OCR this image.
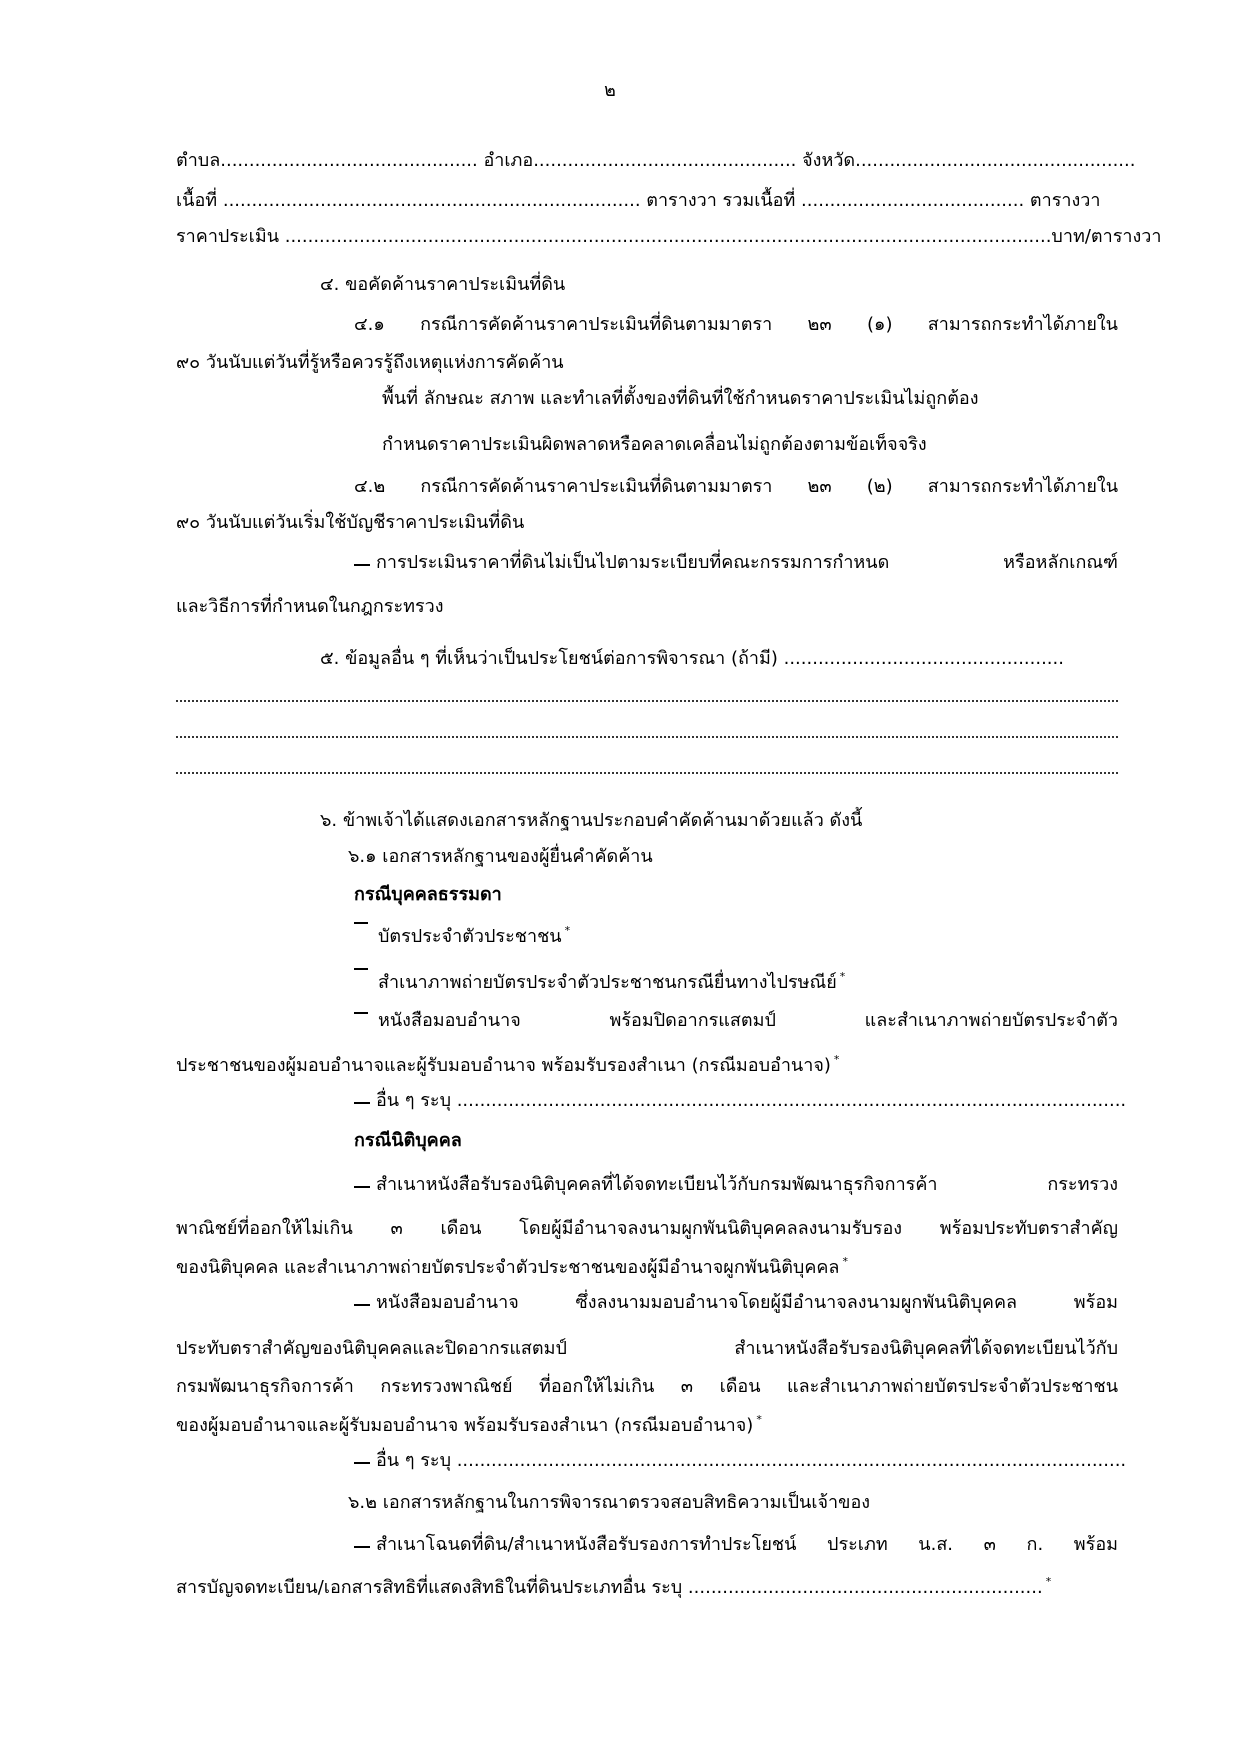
๒
ตำบล............................................. อำเภอ.............................................. จังหวัด.................................................
เนื้อที่ ......................................................................... ตารางวา รวมเนื้อที่ ....................................... ตารางวา
ราคาประเมิน ......................................................................................................................................บาท/ตารางวา
๔. ขอคัดค้านราคาประเมินที่ดิน
๔.๑ กรณีการคัดค้านราคาประเมินที่ดินตามมาตรา ๒๓ (๑) สามารถกระทำได้ภายใน
๙๐ วันนับแต่วันที่รู้หรือควรรู้ถึงเหตุแห่งการคัดค้าน
พื้นที่ ลักษณะ สภาพ และทำเลที่ตั้งของที่ดินที่ใช้กำหนดราคาประเมินไม่ถูกต้อง
กำหนดราคาประเมินผิดพลาดหรือคลาดเคลื่อนไม่ถูกต้องตามข้อเท็จจริง
๔.๒ กรณีการคัดค้านราคาประเมินที่ดินตามมาตรา ๒๓ (๒) สามารถกระทำได้ภายใน
๙๐ วันนับแต่วันเริ่มใช้บัญชีราคาประเมินที่ดิน
การประเมินราคาที่ดินไม่เป็นไปตามระเบียบที่คณะกรรมการกำหนด หรือหลักเกณฑ์
และวิธีการที่กำหนดในกฎกระทรวง
๕. ข้อมูลอื่น ๆ ที่เห็นว่าเป็นประโยชน์ต่อการพิจารณา (ถ้ามี) .................................................
๖. ข้าพเจ้าได้แสดงเอกสารหลักฐานประกอบคำคัดค้านมาด้วยแล้ว ดังนี้
๖.๑ เอกสารหลักฐานของผู้ยื่นคำคัดค้าน
กรณีบุคคลธรรมดา
บัตรประจำตัวประชาชน *
สำเนาภาพถ่ายบัตรประจำตัวประชาชนกรณียื่นทางไปรษณีย์ *
หนังสือมอบอำนาจ พร้อมปิดอากรแสตมป์ และสำเนาภาพถ่ายบัตรประจำตัว
ประชาชนของผู้มอบอำนาจและผู้รับมอบอำนาจ พร้อมรับรองสำเนา (กรณีมอบอำนาจ) *
อื่น ๆ ระบุ .....................................................................................................................
กรณีนิติบุคคล
สำเนาหนังสือรับรองนิติบุคคลที่ได้จดทะเบียนไว้กับกรมพัฒนาธุรกิจการค้า กระทรวง
พาณิชย์ที่ออกให้ไม่เกิน ๓ เดือน โดยผู้มีอำนาจลงนามผูกพันนิติบุคคลลงนามรับรอง พร้อมประทับตราสำคัญ
ของนิติบุคคล และสำเนาภาพถ่ายบัตรประจำตัวประชาชนของผู้มีอำนาจผูกพันนิติบุคคล *
หนังสือมอบอำนาจ ซึ่งลงนามมอบอำนาจโดยผู้มีอำนาจลงนามผูกพันนิติบุคคล พร้อม
ประทับตราสำคัญของนิติบุคคลและปิดอากรแสตมป์ สำเนาหนังสือรับรองนิติบุคคลที่ได้จดทะเบียนไว้กับ
กรมพัฒนาธุรกิจการค้า กระทรวงพาณิชย์ ที่ออกให้ไม่เกิน ๓ เดือน และสำเนาภาพถ่ายบัตรประจำตัวประชาชน
ของผู้มอบอำนาจและผู้รับมอบอำนาจ พร้อมรับรองสำเนา (กรณีมอบอำนาจ) *
อื่น ๆ ระบุ .....................................................................................................................
๖.๒ เอกสารหลักฐานในการพิจารณาตรวจสอบสิทธิความเป็นเจ้าของ
สำเนาโฉนดที่ดิน/สำเนาหนังสือรับรองการทำประโยชน์ ประเภท น.ส. ๓ ก. พร้อม
สารบัญจดทะเบียน/เอกสารสิทธิที่แสดงสิทธิในที่ดินประเภทอื่น ระบุ .............................................................. *
